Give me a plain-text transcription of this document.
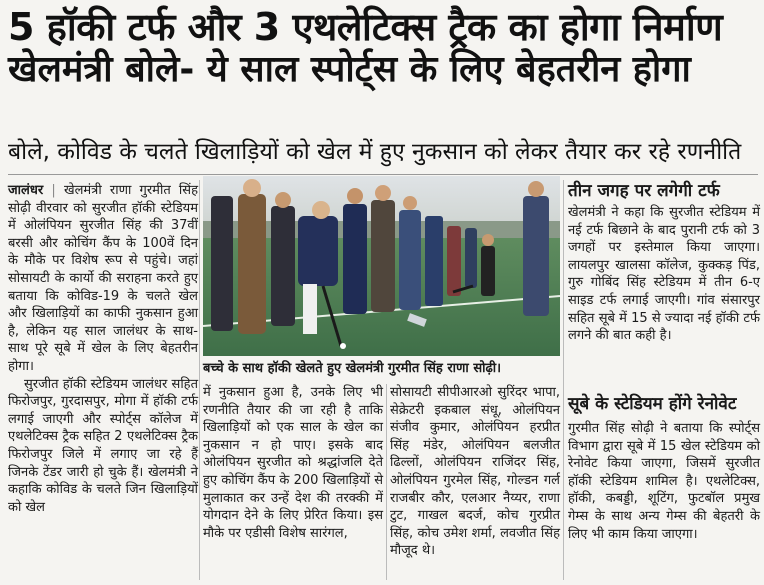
5 हॉकी टर्फ और 3 एथलेटिक्स ट्रैक का होगा निर्माण
खेलमंत्री बोले- ये साल स्पोर्ट्स के लिए बेहतरीन होगा
बोले, कोविड के चलते खिलाड़ियों को खेल में हुए नुकसान को लेकर तैयार कर रहे रणनीति

जालंधर | खेलमंत्री राणा गुरमीत सिंह सोढ़ी वीरवार को सुरजीत हॉकी स्टेडियम में ओलंपियन सुरजीत सिंह की 37वीं बरसी और कोचिंग कैंप के 100वें दिन के मौके पर विशेष रूप से पहुंचे। जहां सोसायटी के कार्यो की सराहना करते हुए बताया कि कोविड-19 के चलते खेल और खिलाड़ियों का काफी नुकसान हुआ है, लेकिन यह साल जालंधर के साथ-साथ पूरे सूबे में खेल के लिए बेहतरीन होगा।

सुरजीत हॉकी स्टेडियम जालंधर सहित फिरोजपुर, गुरदासपुर, मोगा में हॉकी टर्फ लगाई जाएगी और स्पोर्ट्स कॉलेज में एथलेटिक्स ट्रैक सहित 2 एथलेटिक्स ट्रैक फिरोजपुर जिले में लगाए जा रहे हैं जिनके टेंडर जारी हो चुके हैं। खेलमंत्री ने कहाकि कोविड के चलते जिन खिलाड़ियों को खेल

बच्चे के साथ हॉकी खेलते हुए खेलमंत्री गुरमीत सिंह राणा सोढ़ी।
में नुकसान हुआ है, उनके लिए भी रणनीति तैयार की जा रही है ताकि खिलाड़ियों को एक साल के खेल का नुकसान न हो पाए। इसके बाद ओलंपियन सुरजीत को श्रद्धांजलि देते हुए कोचिंग कैंप के 200 खिलाड़ियों से मुलाकात कर उन्हें देश की तरक्की में योगदान देने के लिए प्रेरित किया। इस मौके पर एडीसी विशेष सारंगल,
सोसायटी सीपीआरओ सुरिंदर भापा, सेक्रेटरी इकबाल संधू, ओलंपियन संजीव कुमार, ओलंपियन हरप्रीत सिंह मंडेर, ओलंपियन बलजीत ढिल्लों, ओलंपियन राजिंदर सिंह, ओलंपियन गुरमेल सिंह, गोल्डन गर्ल राजबीर कौर, एलआर नैय्यर, राणा टुट, गाखल बदर्ज, कोच गुरप्रीत सिंह, कोच उमेश शर्मा, लवजीत सिंह मौजूद थे।
तीन जगह पर लगेगी टर्फ
खेलमंत्री ने कहा कि सुरजीत स्टेडियम में नई टर्फ बिछाने के बाद पुरानी टर्फ को 3 जगहों पर इस्तेमाल किया जाएगा। लायलपुर खालसा कॉलेज, कुक्कड़ पिंड, गुरु गोबिंद सिंह स्टेडियम में तीन 6-ए साइड टर्फ लगाई जाएगी। गांव संसारपुर सहित सूबे में 15 से ज्यादा नई हॉकी टर्फ लगने की बात कही है।
सूबे के स्टेडियम होंगे रेनोवेट
गुरमीत सिंह सोढ़ी ने बताया कि स्पोर्ट्स विभाग द्वारा सूबे में 15 खेल स्टेडियम को रेनोवेट किया जाएगा, जिसमें सुरजीत हॉकी स्टेडियम शामिल है। एथलेटिक्स, हॉकी, कबड्डी, शूटिंग, फुटबॉल प्रमुख गेम्स के साथ अन्य गेम्स की बेहतरी के लिए भी काम किया जाएगा।
